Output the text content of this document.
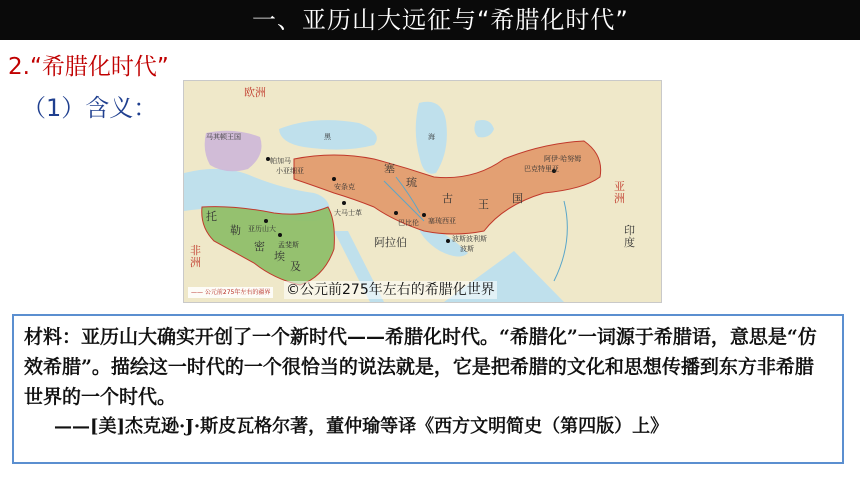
一、亚历山大远征与“希腊化时代”
2.“希腊化时代”
（1）含义：
欧洲
马其顿王国
帕加马
小亚细亚
安条克
大马士革
巴比伦 塞琉西亚
波斯波利斯
波斯
巴克特里亚
阿伊·哈努姆
亚历山大
孟斐斯
塞
琉
古 王 国
托
勒
密
埃
及
阿拉伯
非
洲
亚
洲
印
度
黑	海
—— 公元前275年左右的疆界 ©公元前275年左右的希腊化世界

材料：亚历山大确实开创了一个新时代——希腊化时代。“希腊化”一词源于希腊语，意思是“仿效希腊”。描绘这一时代的一个很恰当的说法就是，它是把希腊的文化和思想传播到东方非希腊世界的一个时代。

——[美]杰克逊·J·斯皮瓦格尔著，董仲瑜等译《西方文明简史（第四版）上》
